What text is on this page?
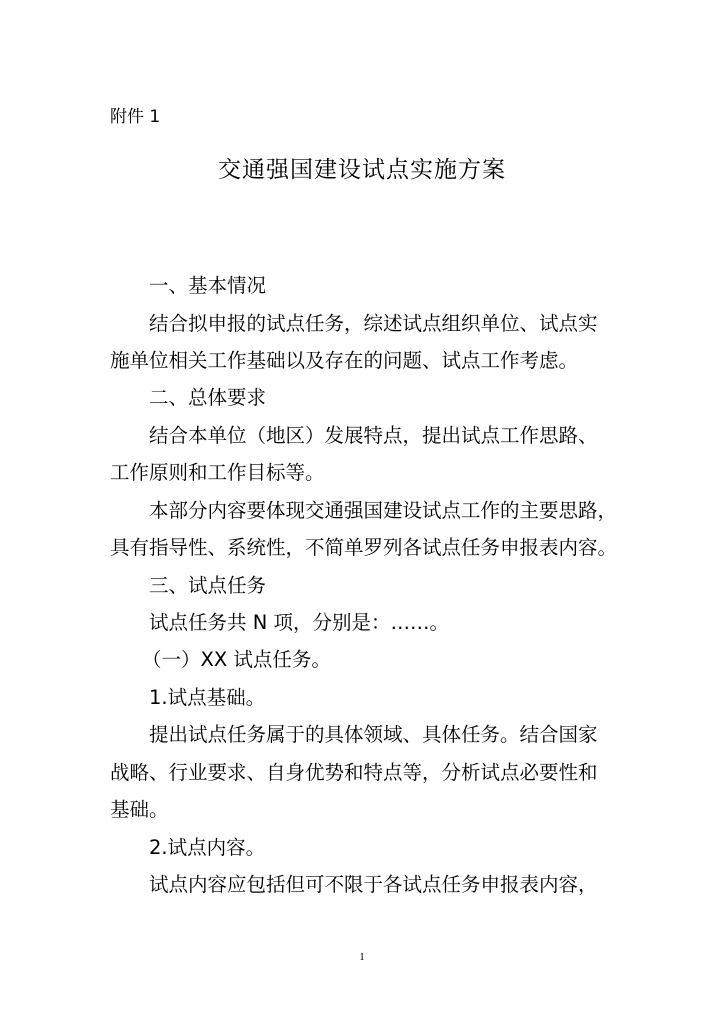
附件 1
交通强国建设试点实施方案
一、基本情况
结合拟申报的试点任务，综述试点组织单位、试点实
施单位相关工作基础以及存在的问题、试点工作考虑。
二、总体要求
结合本单位（地区）发展特点，提出试点工作思路、
工作原则和工作目标等。
本部分内容要体现交通强国建设试点工作的主要思路，
具有指导性、系统性，不简单罗列各试点任务申报表内容。
三、试点任务
试点任务共 N 项，分别是：……。
（一）XX 试点任务。
1.试点基础。
提出试点任务属于的具体领域、具体任务。结合国家
战略、行业要求、自身优势和特点等，分析试点必要性和
基础。
2.试点内容。
试点内容应包括但可不限于各试点任务申报表内容，
1
